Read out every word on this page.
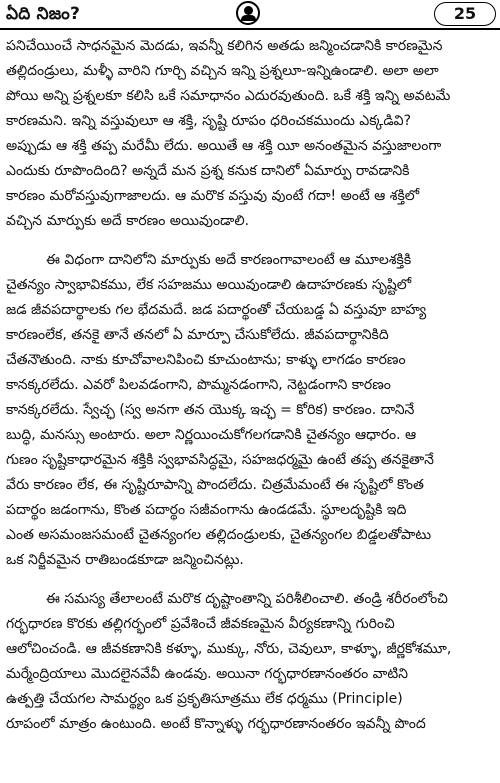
ఏది నిజం?	25
పనిచేయించే సాధనమైన మెదడు, ఇవన్నీ కలిగిన అతడు జన్మించడానికి కారణమైన
తల్లిదండ్రులు, మళ్ళీ వారిని గూర్చి వచ్చిన ఇన్ని ప్రశ్నలూ-ఇన్నిఉండాలి. అలా అలా
పోయి అన్ని ప్రశ్నలకూ కలిసి ఒకే సమాధానం ఎదురవుతుంది. ఒకే శక్తి ఇన్ని అవటమే
కారణమని. ఇన్ని వస్తువులూ ఆ శక్తి, సృష్టి రూపం ధరించకముందు ఎక్కడివి?
అప్పుడు ఆ శక్తి తప్ప మరేమీ లేదు. అయితే ఆ శక్తి యీ అనంతమైన వస్తుజాలంగా
ఎందుకు రూపొందింది? అన్నదే మన ప్రశ్న కనుక దానిలో ఏమార్పు రావడానికి
కారణం మరోవస్తువుగాజాలదు. ఆ మరొక వస్తువు వుంటే గదా! అంటే ఆ శక్తిలో
వచ్చిన మార్పుకు అదే కారణం అయివుండాలి.
ఈ విధంగా దానిలోని మార్పుకు అదే కారణంగావాలంటే ఆ మూలశక్తికి
చైతన్యం స్వాభావికము, లేక సహజము అయివుండాలి ఉదాహరణకు సృష్టిలో
జడ జీవపదార్థాలకు గల భేదమదే. జడ పదార్థంతో చేయబడ్డ ఏ వస్తువూ బాహ్య
కారణంలేక, తనకై తానే తనలో ఏ మార్పూ చేసుకోలేదు. జీవపదార్థానికిది
చేతనౌతుంది. నాకు కూచోవాలనిపించి కూచుంటాను; కాళ్ళు లాగడం కారణం
కానక్కరలేదు. ఎవరో పిలవడంగాని, పొమ్మనడంగాని, నెట్టడంగాని కారణం
కానక్కరలేదు. స్వేచ్ఛ (స్వ అనగా తన యొక్క ఇచ్ఛ = కోరిక) కారణం. దానినే
బుద్ధి, మనస్సు అంటారు. అలా నిర్ణయించుకోగలగడానికి చైతన్యం ఆధారం. ఆ
గుణం సృష్టికాధారమైన శక్తికి స్వభావసిద్ధమై, సహజధర్మమై ఉంటే తప్ప తనకైతానే
వేరు కారణం లేక, ఈ సృష్టిరూపాన్ని పొందలేదు. చిత్రమేమంటే ఈ సృష్టిలో కొంత
పదార్థం జడంగాను, కొంత పదార్థం సజీవంగాను ఉండడమే. స్థూలదృష్టికి ఇది
ఎంత అసమంజసమంటే చైతన్యంగల తల్లిదండ్రులకు, చైతన్యంగల బిడ్డలతోపాటు
ఒక నిర్జీవమైన రాతిబండకూడా జన్మించినట్లు.
ఈ సమస్య తేలాలంటే మరొక దృష్టాంతాన్ని పరిశీలించాలి. తండ్రి శరీరంలోంచి
గర్భధారణ కొరకు తల్లిగర్భంలో ప్రవేశించే జీవకణమైన వీర్యకణాన్ని గురించి
ఆలోచించండి. ఆ జీవకణానికి కళ్ళూ, ముక్కు, నోరు, చెవులూ, కాళ్ళూ, జీర్ణకోశమూ,
మర్మేంద్రియాలు మొదలైనవేవీ ఉండవు. అయినా గర్భధారణానంతరం వాటిని
ఉత్పత్తి చేయగల సామర్థ్యం ఒక ప్రకృతిసూత్రము లేక ధర్మము (Principle)
రూపంలో మాత్రం ఉంటుంది. అంటే కొన్నాళ్ళు గర్భధారణానంతరం ఇవన్నీ పొంద
